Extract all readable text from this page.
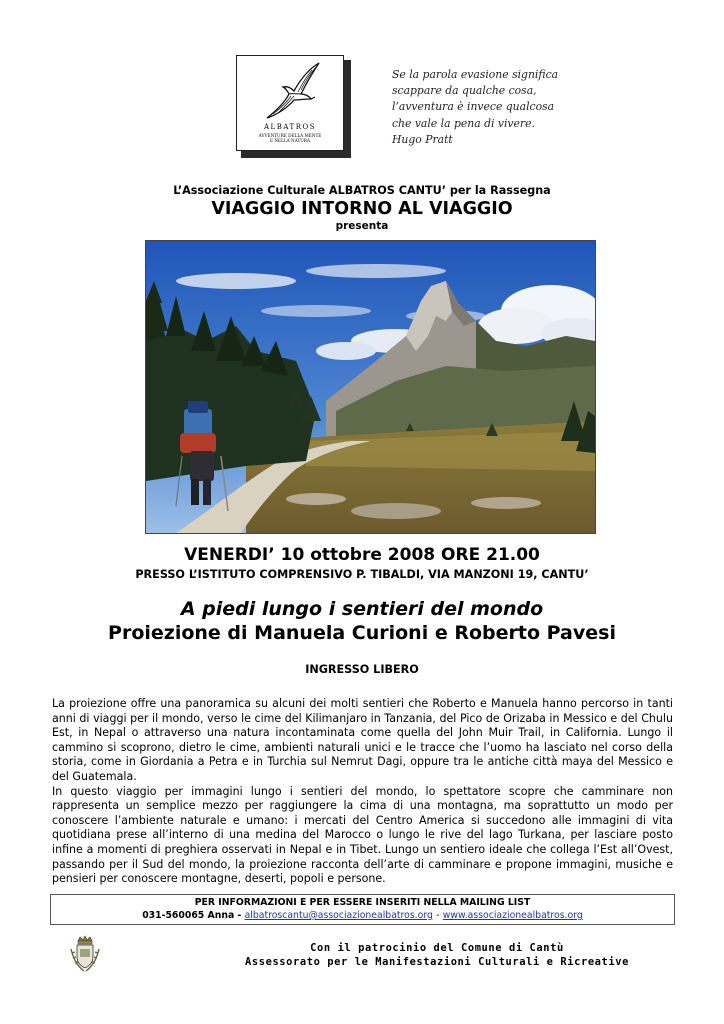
ALBATROS
AVVENTURE DELLA MENTE
E NELLA NATURA
Se la parola evasione significa
scappare da qualche cosa,
l’avventura è invece qualcosa
che vale la pena di vivere.
Hugo Pratt
L’Associazione Culturale ALBATROS CANTU’ per la Rassegna
VIAGGIO INTORNO AL VIAGGIO
presenta
VENERDI’ 10 ottobre 2008 ORE 21.00
PRESSO L’ISTITUTO COMPRENSIVO P. TIBALDI, VIA MANZONI 19, CANTU’
A piedi lungo i sentieri del mondo
Proiezione di Manuela Curioni e Roberto Pavesi
INGRESSO LIBERO

La proiezione offre una panoramica su alcuni dei molti sentieri che Roberto e Manuela hanno percorso in tanti anni di viaggi per il mondo, verso le cime del Kilimanjaro in Tanzania, del Pico de Orizaba in Messico e del Chulu Est, in Nepal o attraverso una natura incontaminata come quella del John Muir Trail, in California. Lungo il cammino si scoprono, dietro le cime, ambienti naturali unici e le tracce che l’uomo ha lasciato nel corso della storia, come in Giordania a Petra e in Turchia sul Nemrut Dagi, oppure tra le antiche città maya del Messico e del Guatemala.

In questo viaggio per immagini lungo i sentieri del mondo, lo spettatore scopre che camminare non rappresenta un semplice mezzo per raggiungere la cima di una montagna, ma soprattutto un modo per conoscere l’ambiente naturale e umano: i mercati del Centro America si succedono alle immagini di vita quotidiana prese all’interno di una medina del Marocco o lungo le rive del lago Turkana, per lasciare posto infine a momenti di preghiera osservati in Nepal e in Tibet. Lungo un sentiero ideale che collega l’Est all’Ovest, passando per il Sud del mondo, la proiezione racconta dell’arte di camminare e propone immagini, musiche e pensieri per conoscere montagne, deserti, popoli e persone.

PER INFORMAZIONI E PER ESSERE INSERITI NELLA MAILING LIST
031-560065 Anna - albatroscantu@associazionealbatros.org - www.associazionealbatros.org
Con il patrocinio del Comune di Cantù
Assessorato per le Manifestazioni Culturali e Ricreative
